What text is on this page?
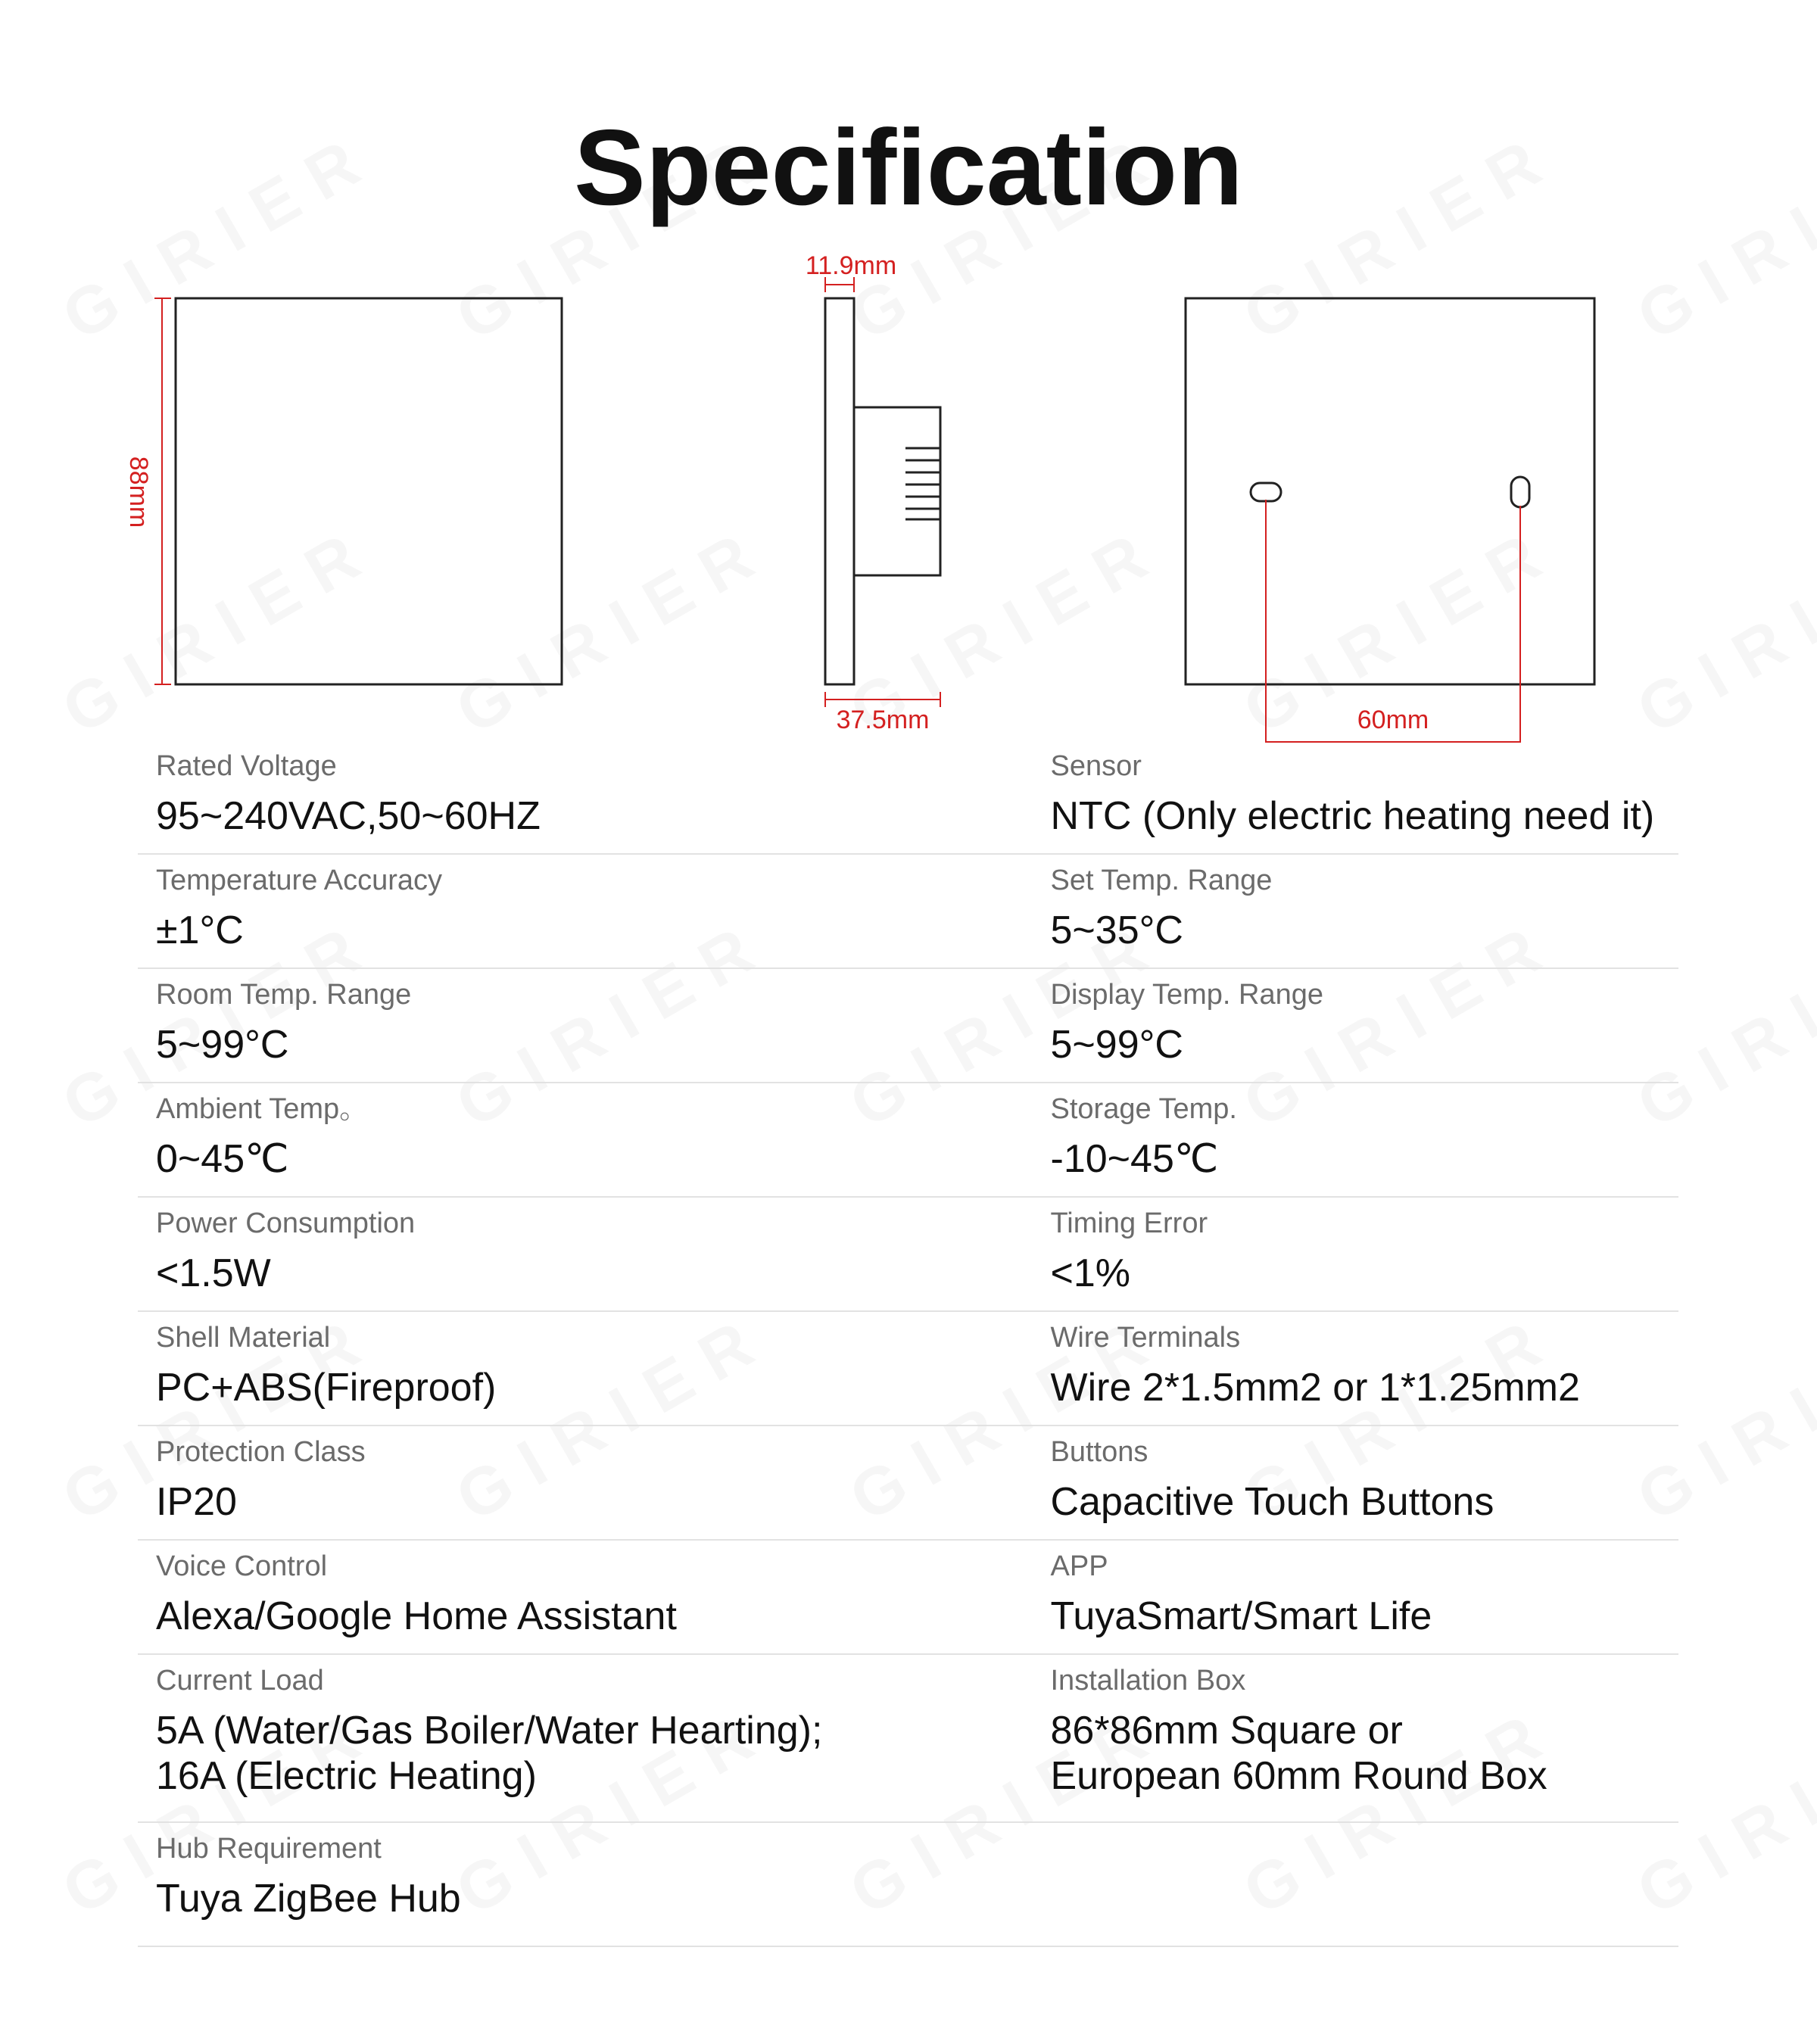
Specification
88mm
11.9mm
37.5mm	60mm
Rated Voltage
95~240VAC,50~60HZ
Sensor
NTC (Only electric heating need it)
Temperature Accuracy
±1°C
Set Temp. Range
5~35°C
Room Temp. Range
5~99°C
Display Temp. Range
5~99°C
Ambient Temp。
0~45℃
Storage Temp.
-10~45℃
Power Consumption
<1.5W
Timing Error
<1%
Shell Material
PC+ABS(Fireproof)
Wire Terminals
Wire 2*1.5mm2 or 1*1.25mm2
Protection Class
IP20
Buttons
Capacitive Touch Buttons
Voice Control
Alexa/Google Home Assistant
APP
TuyaSmart/Smart Life
Current Load
5A (Water/Gas Boiler/Water Hearting);
16A (Electric Heating)
Installation Box
86*86mm Square or
European 60mm Round Box
Hub Requirement
Tuya ZigBee Hub
